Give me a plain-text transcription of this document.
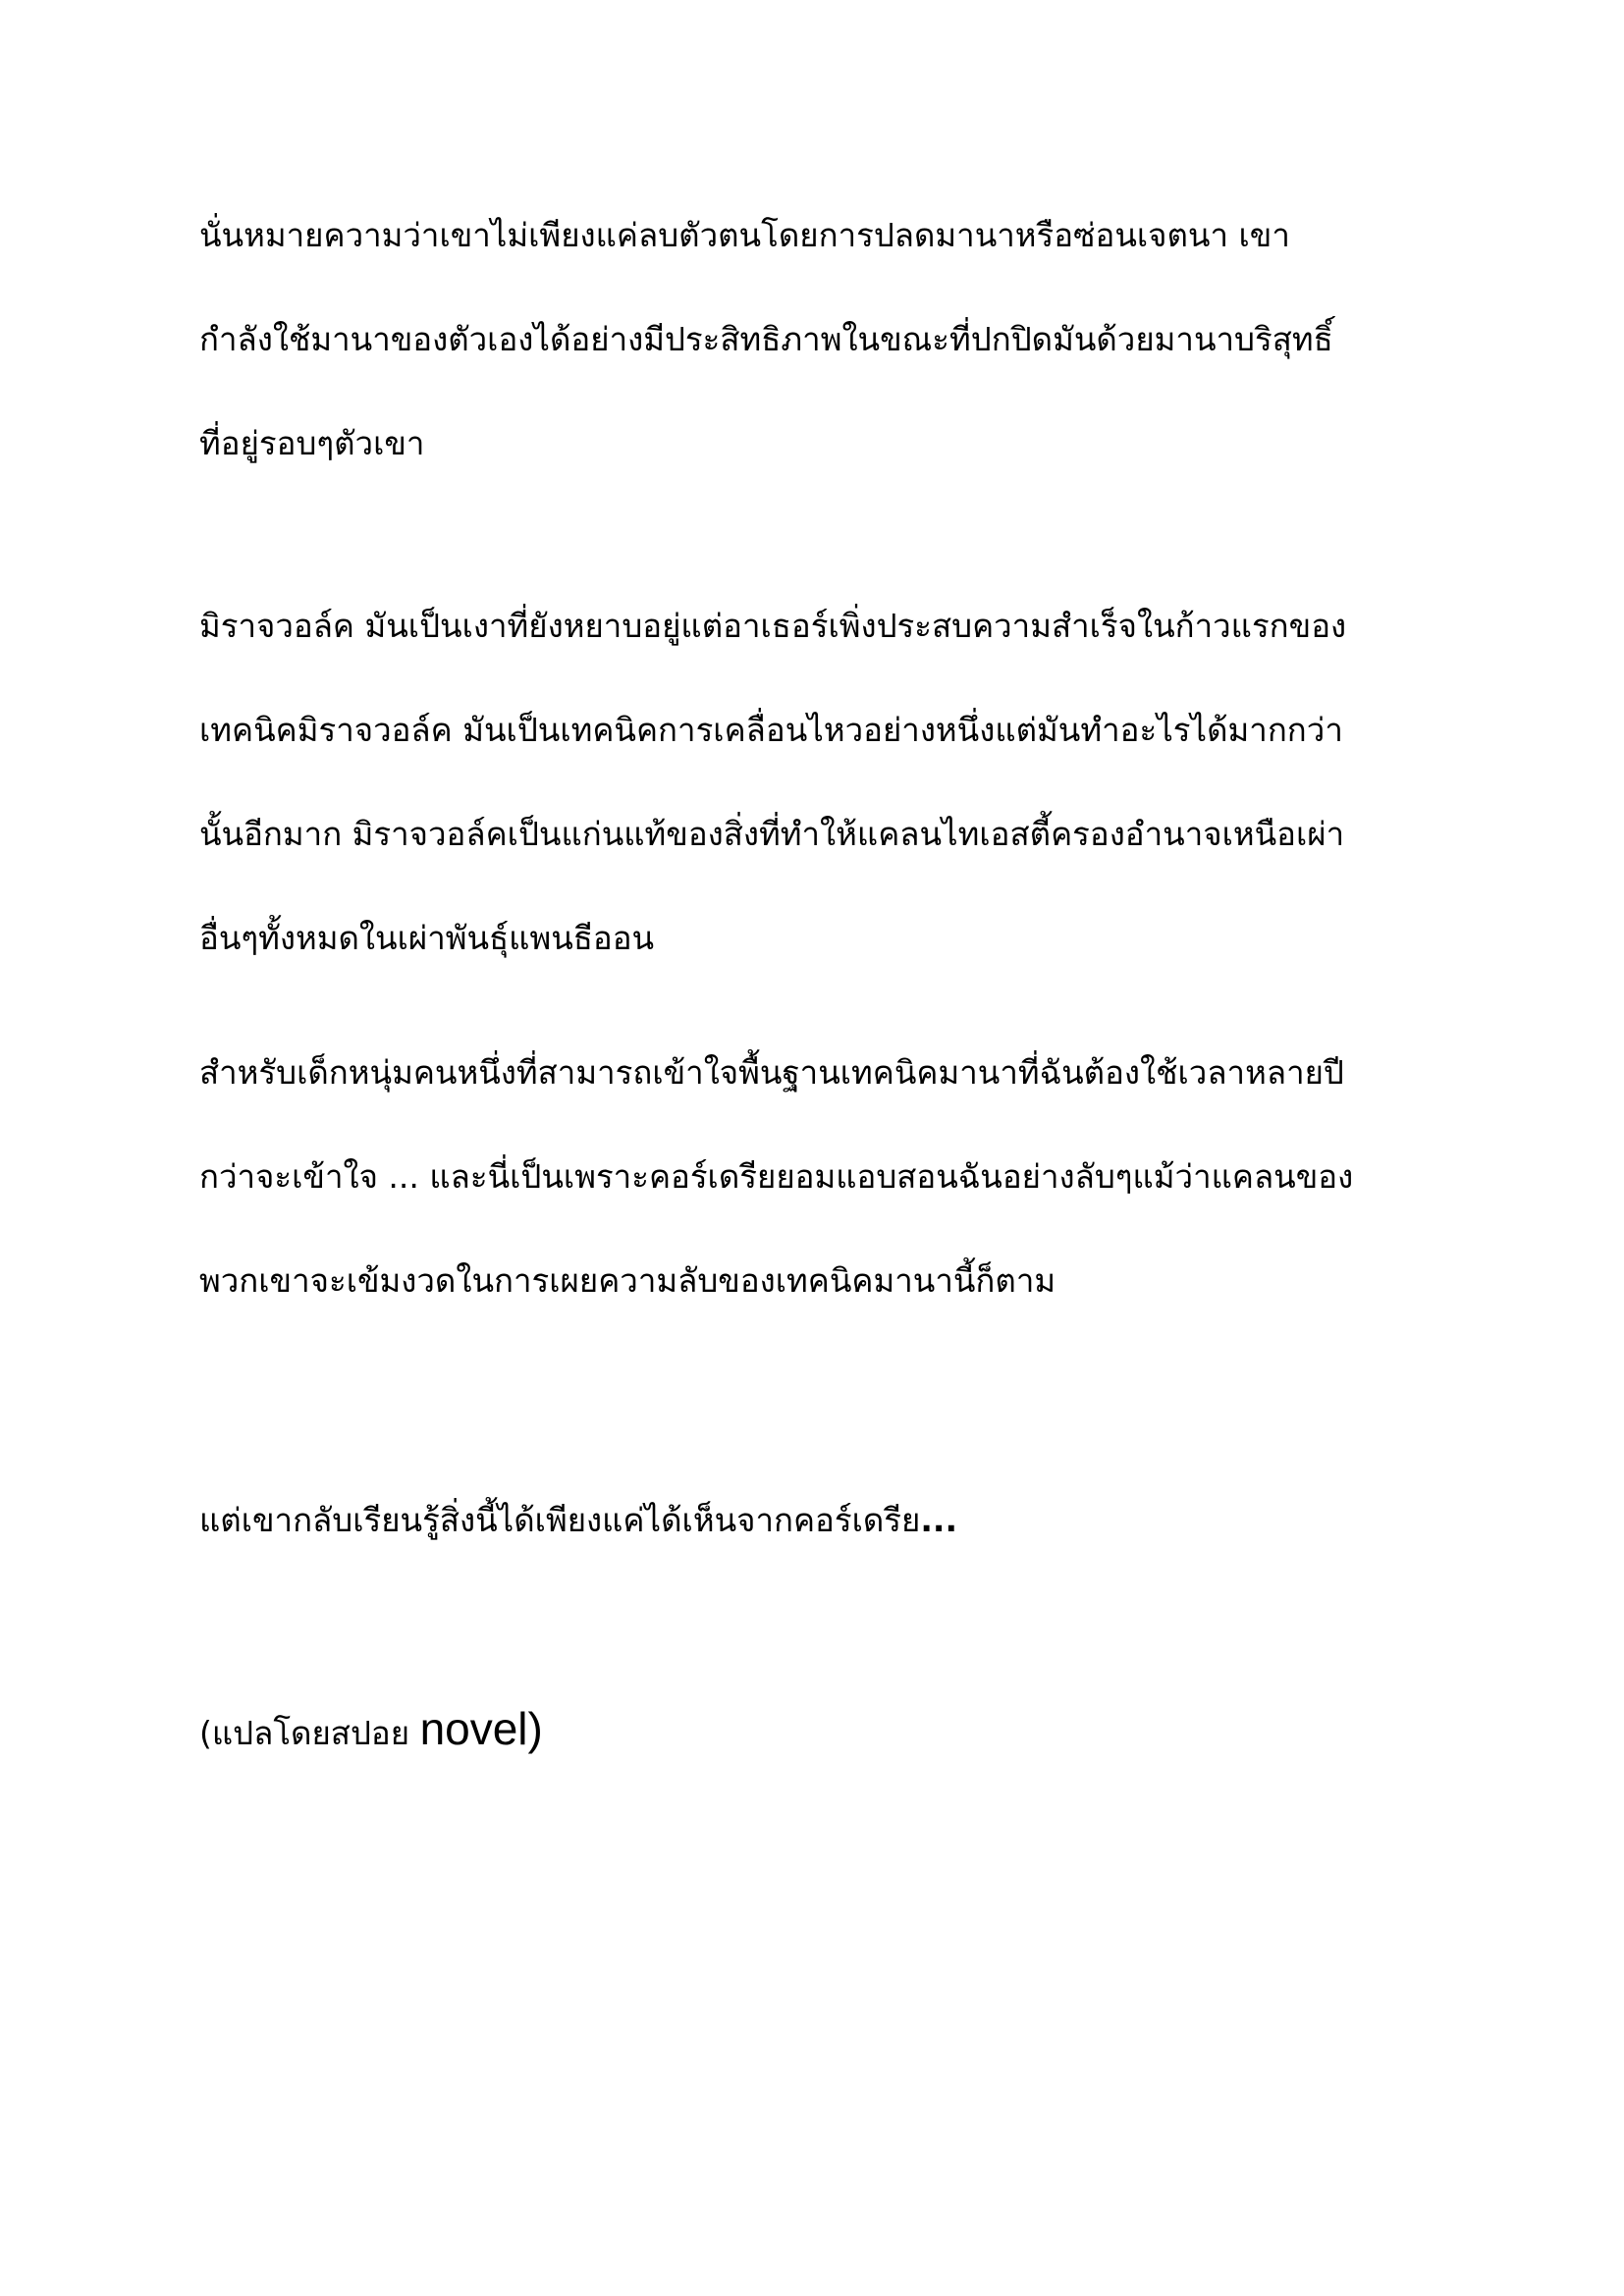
นั่นหมายความว่าเขาไม่เพียงแค่ลบตัวตนโดยการปลดมานาหรือซ่อนเจตนา เขา
กำลังใช้มานาของตัวเองได้อย่างมีประสิทธิภาพในขณะที่ปกปิดมันด้วยมานาบริสุทธิ์
ที่อยู่รอบๆตัวเขา
มิราจวอล์ค มันเป็นเงาที่ยังหยาบอยู่แต่อาเธอร์เพิ่งประสบความสำเร็จในก้าวแรกของ
เทคนิคมิราจวอล์ค มันเป็นเทคนิคการเคลื่อนไหวอย่างหนึ่งแต่มันทำอะไรได้มากกว่า
นั้นอีกมาก มิราจวอล์คเป็นแก่นแท้ของสิ่งที่ทำให้แคลนไทเอสตี้ครองอำนาจเหนือเผ่า
อื่นๆทั้งหมดในเผ่าพันธุ์แพนธีออน
สำหรับเด็กหนุ่มคนหนึ่งที่สามารถเข้าใจพื้นฐานเทคนิคมานาที่ฉันต้องใช้เวลาหลายปี
กว่าจะเข้าใจ ... และนี่เป็นเพราะคอร์เดรียยอมแอบสอนฉันอย่างลับๆแม้ว่าแคลนของ
พวกเขาจะเข้มงวดในการเผยความลับของเทคนิคมานานี้ก็ตาม
แต่เขากลับเรียนรู้สิ่งนี้ได้เพียงแค่ได้เห็นจากคอร์เดรีย...
(แปลโดยสปอย novel)
